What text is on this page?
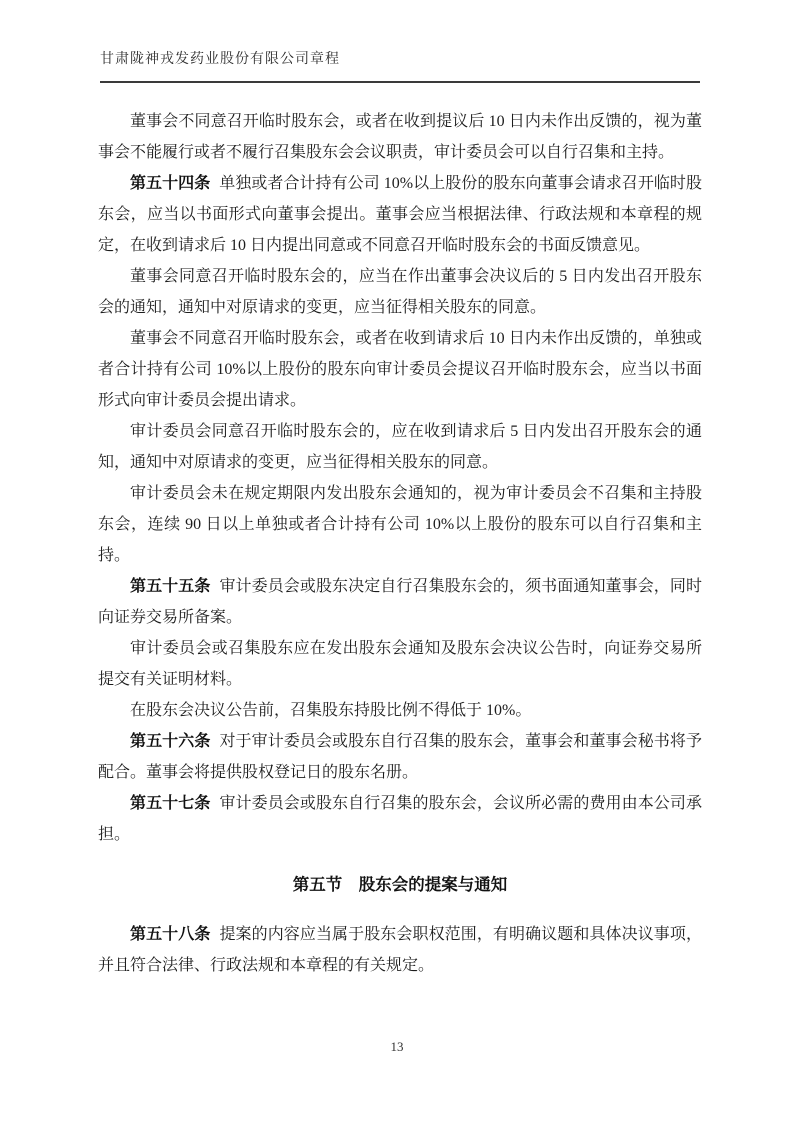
甘肃陇神戎发药业股份有限公司章程

董事会不同意召开临时股东会，或者在收到提议后 10 日内未作出反馈的，视为董事会不能履行或者不履行召集股东会会议职责，审计委员会可以自行召集和主持。

第五十四条 单独或者合计持有公司 10%以上股份的股东向董事会请求召开临时股东会，应当以书面形式向董事会提出。董事会应当根据法律、行政法规和本章程的规定，在收到请求后 10 日内提出同意或不同意召开临时股东会的书面反馈意见。

董事会同意召开临时股东会的，应当在作出董事会决议后的 5 日内发出召开股东会的通知，通知中对原请求的变更，应当征得相关股东的同意。

董事会不同意召开临时股东会，或者在收到请求后 10 日内未作出反馈的，单独或者合计持有公司 10%以上股份的股东向审计委员会提议召开临时股东会，应当以书面形式向审计委员会提出请求。

审计委员会同意召开临时股东会的，应在收到请求后 5 日内发出召开股东会的通知，通知中对原请求的变更，应当征得相关股东的同意。

审计委员会未在规定期限内发出股东会通知的，视为审计委员会不召集和主持股东会，连续 90 日以上单独或者合计持有公司 10%以上股份的股东可以自行召集和主持。

第五十五条 审计委员会或股东决定自行召集股东会的，须书面通知董事会，同时向证券交易所备案。

审计委员会或召集股东应在发出股东会通知及股东会决议公告时，向证券交易所提交有关证明材料。

在股东会决议公告前，召集股东持股比例不得低于 10%。

第五十六条 对于审计委员会或股东自行召集的股东会，董事会和董事会秘书将予配合。董事会将提供股权登记日的股东名册。

第五十七条 审计委员会或股东自行召集的股东会，会议所必需的费用由本公司承担。

第五节　股东会的提案与通知

第五十八条 提案的内容应当属于股东会职权范围，有明确议题和具体决议事项，并且符合法律、行政法规和本章程的有关规定。

13
